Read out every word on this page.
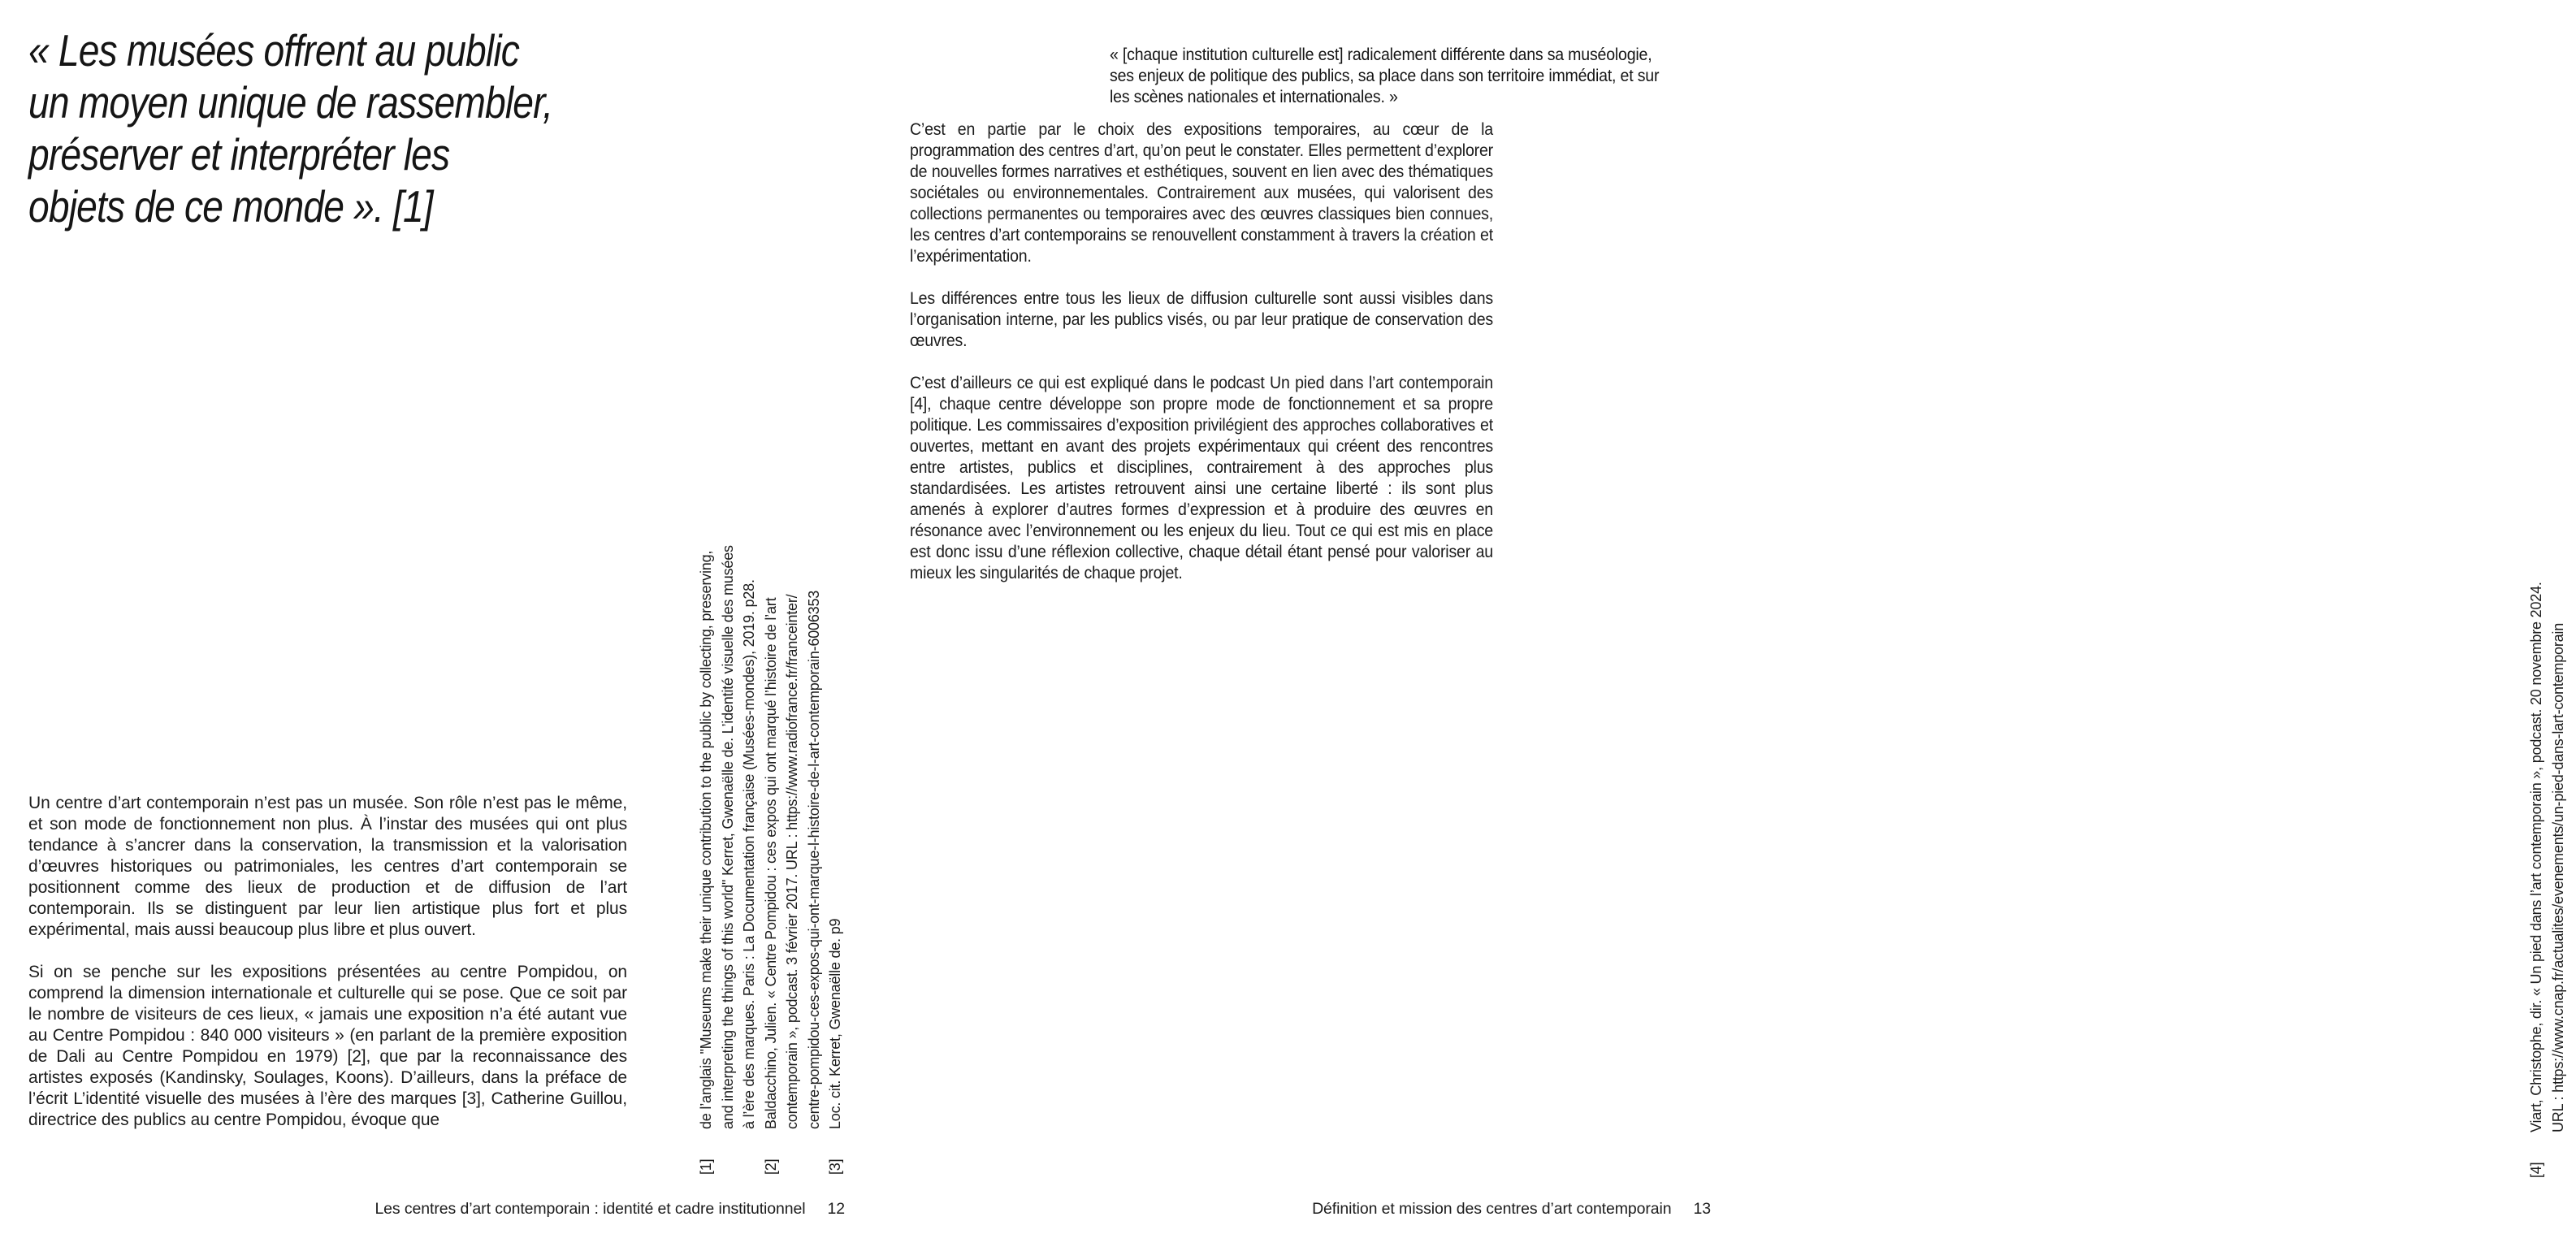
« Les musées offrent au public
un moyen unique de rassembler,
préserver et interpréter les
objets de ce monde ». [1]

Un centre d’art contemporain n’est pas un musée. Son rôle n’est pas le même, et son mode de fonctionnement non plus. À l’instar des musées qui ont plus tendance à s’ancrer dans la conservation, la transmission et la valorisation d’œuvres historiques ou patrimoniales, les centres d’art contemporain se positionnent comme des lieux de production et de diffusion de l’art contemporain. Ils se distinguent par leur lien artistique plus fort et plus expérimental, mais aussi beaucoup plus libre et plus ouvert.

Si on se penche sur les expositions présentées au centre Pompidou, on comprend la dimension internationale et culturelle qui se pose. Que ce soit par le nombre de visiteurs de ces lieux, « jamais une exposition n’a été autant vue au Centre Pompidou : 840 000 visiteurs » (en parlant de la première exposition de Dali au Centre Pompidou en 1979) [2], que par la reconnaissance des artistes exposés (Kandinsky, Soulages, Koons). D’ailleurs, dans la préface de l’écrit L’identité visuelle des musées à l’ère des marques [3], Catherine Guillou, directrice des publics au centre Pompidou, évoque que

[1]
de l’anglais "Museums make their unique contribution to the public by collecting, preserving, and interpreting the things of this world" Kerret, Gwenaëlle de. L’identité visuelle des musées à l’ère des marques. Paris : La Documentation française (Musées-mondes), 2019. p28.
[2]
Baldacchino, Julien. « Centre Pompidou : ces expos qui ont marqué l’histoire de l’art contemporain », podcast. 3 février 2017. URL : https://www.radiofrance.fr/franceinter/ centre-pompidou-ces-expos-qui-ont-marque-l-histoire-de-l-art-contemporain-6006353
[3]
Loc. cit. Kerret, Gwenaëlle de. p9
Les centres d’art contemporain : identité et cadre institutionnel 12
« [chaque institution culturelle est] radicalement différente dans sa muséologie,
ses enjeux de politique des publics, sa place dans son territoire immédiat, et sur
les scènes nationales et internationales. »

C’est en partie par le choix des expositions temporaires, au cœur de la programmation des centres d’art, qu’on peut le constater. Elles permettent d’explorer de nouvelles formes narratives et esthétiques, souvent en lien avec des thématiques sociétales ou environnementales. Contrairement aux musées, qui valorisent des collections permanentes ou temporaires avec des œuvres classiques bien connues, les centres d’art contemporains se renouvellent constamment à travers la création et l’expérimentation.

Les différences entre tous les lieux de diffusion culturelle sont aussi visibles dans l’organisation interne, par les publics visés, ou par leur pratique de conservation des œuvres.

C’est d’ailleurs ce qui est expliqué dans le podcast Un pied dans l’art contemporain [4], chaque centre développe son propre mode de fonctionnement et sa propre politique. Les commissaires d’exposition privilégient des approches collaboratives et ouvertes, mettant en avant des projets expérimentaux qui créent des rencontres entre artistes, publics et disciplines, contrairement à des approches plus standardisées. Les artistes retrouvent ainsi une certaine liberté : ils sont plus amenés à explorer d’autres formes d’expression et à produire des œuvres en résonance avec l’environnement ou les enjeux du lieu. Tout ce qui est mis en place est donc issu d’une réflexion collective, chaque détail étant pensé pour valoriser au mieux les singularités de chaque projet.

[4]
Viart, Christophe, dir. « Un pied dans l’art contemporain », podcast. 20 novembre 2024. URL : https://www.cnap.fr/actualites/evenements/un-pied-dans-lart-contemporain
Définition et mission des centres d’art contemporain 13
